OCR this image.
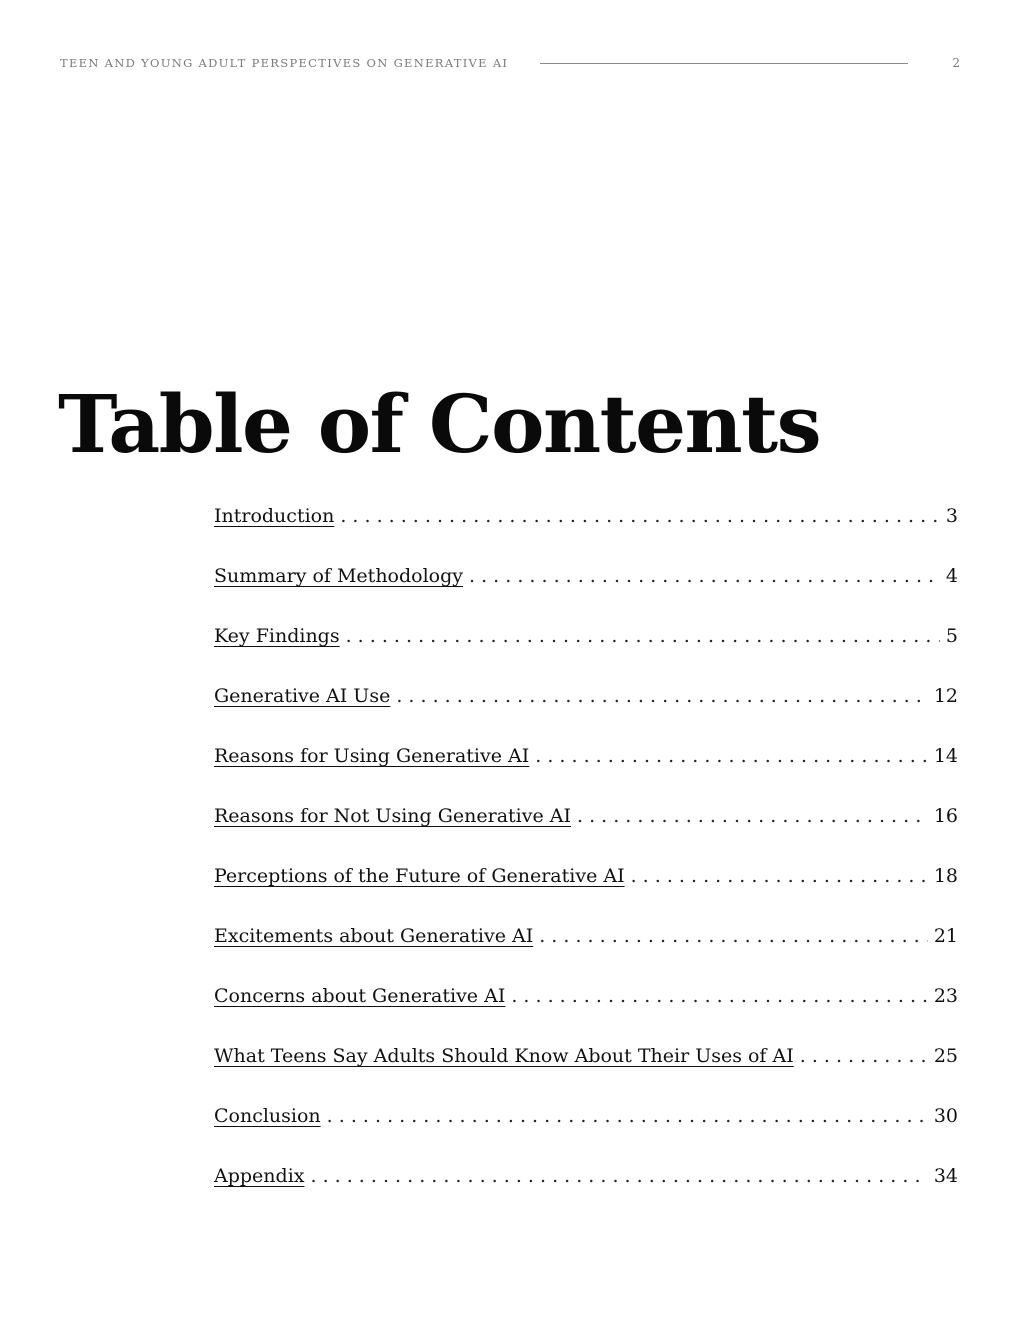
TEEN AND YOUNG ADULT PERSPECTIVES ON GENERATIVE AI	2
Table of Contents
Introduction . . .	3
Summary of Methodology . . .	4
Key Findings . . .	5
Generative AI Use . . .	12
Reasons for Using Generative AI . . .	14
Reasons for Not Using Generative AI . . .	16
Perceptions of the Future of Generative AI . . .	18
Excitements about Generative AI . . .	21
Concerns about Generative AI . . .	23
What Teens Say Adults Should Know About Their Uses of AI . . .	25
Conclusion . . .	30
Appendix . . .	34
